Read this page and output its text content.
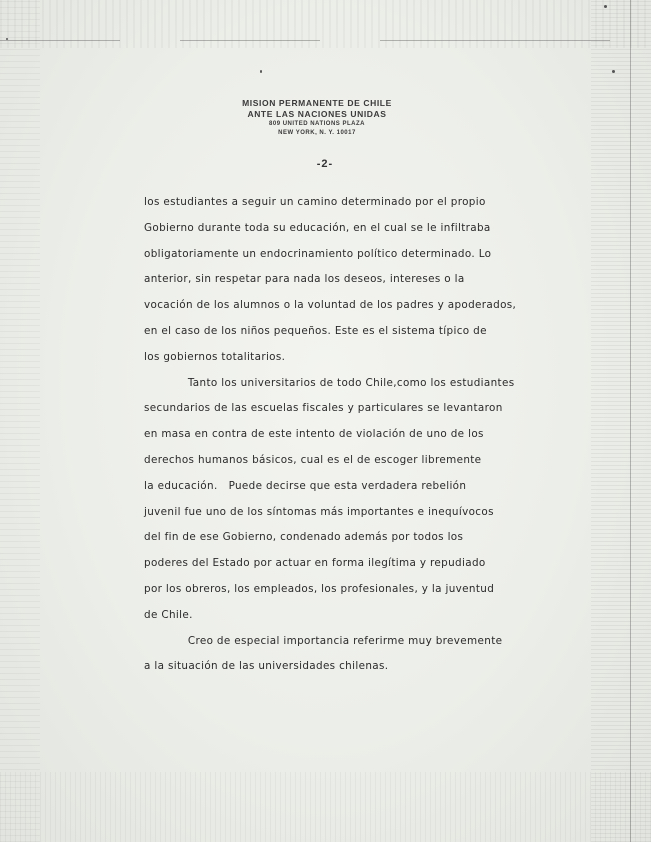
MISION PERMANENTE DE CHILE
ANTE LAS NACIONES UNIDAS
809 UNITED NATIONS PLAZA
NEW YORK, N. Y. 10017
-2-
los estudiantes a seguir un camino determinado por el propio
Gobierno durante toda su educación, en el cual se le infiltraba
obligatoriamente un endocrinamiento político determinado. Lo
anterior, sin respetar para nada los deseos, intereses o la
vocación de los alumnos o la voluntad de los padres y apoderados,
en el caso de los niños pequeños. Este es el sistema típico de
los gobiernos totalitarios.
Tanto los universitarios de todo Chile,como los estudiantes
secundarios de las escuelas fiscales y particulares se levantaron
en masa en contra de este intento de violación de uno de los
derechos humanos básicos, cual es el de escoger libremente
la educación.   Puede decirse que esta verdadera rebelión
juvenil fue uno de los síntomas más importantes e inequívocos
del fin de ese Gobierno, condenado además por todos los
poderes del Estado por actuar en forma ilegítima y repudiado
por los obreros, los empleados, los profesionales, y la juventud
de Chile.
Creo de especial importancia referirme muy brevemente
a la situación de las universidades chilenas.
